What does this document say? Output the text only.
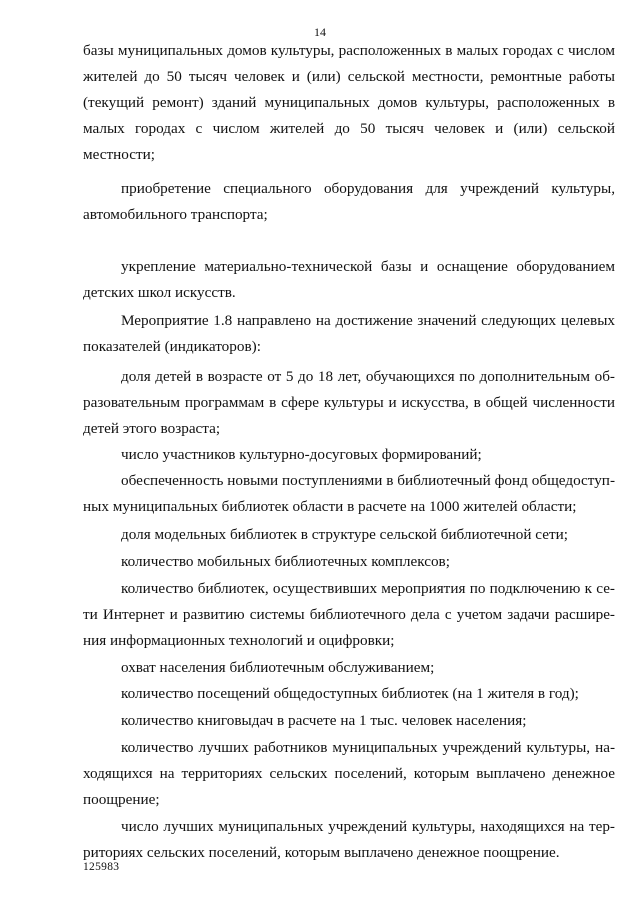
14
базы муниципальных домов культуры, расположенных в малых городах с числом
жителей до 50 тысяч человек и (или) сельской местности, ремонтные работы
(текущий ремонт) зданий муниципальных домов культуры, расположенных в
малых городах с числом жителей до 50 тысяч человек и (или) сельской
местности;
приобретение специального оборудования для учреждений культуры,
автомобильного транспорта;
укрепление материально-технической базы и оснащение оборудованием
детских школ искусств.
Мероприятие 1.8 направлено на достижение значений следующих целевых
показателей (индикаторов):
доля детей в возрасте от 5 до 18 лет, обучающихся по дополнительным об-
разовательным программам в сфере культуры и искусства, в общей численности
детей этого возраста;
число участников культурно-досуговых формирований;
обеспеченность новыми поступлениями в библиотечный фонд общедоступ-
ных муниципальных библиотек области в расчете на 1000 жителей области;
доля модельных библиотек в структуре сельской библиотечной сети;
количество мобильных библиотечных комплексов;
количество библиотек, осуществивших мероприятия по подключению к се-
ти Интернет и развитию системы библиотечного дела с учетом задачи расшире-
ния информационных технологий и оцифровки;
охват населения библиотечным обслуживанием;
количество посещений общедоступных библиотек (на 1 жителя в год);
количество книговыдач в расчете на 1 тыс. человек населения;
количество лучших работников муниципальных учреждений культуры, на-
ходящихся на территориях сельских поселений, которым выплачено денежное
поощрение;
число лучших муниципальных учреждений культуры, находящихся на тер-
риториях сельских поселений, которым выплачено денежное поощрение.
125983
